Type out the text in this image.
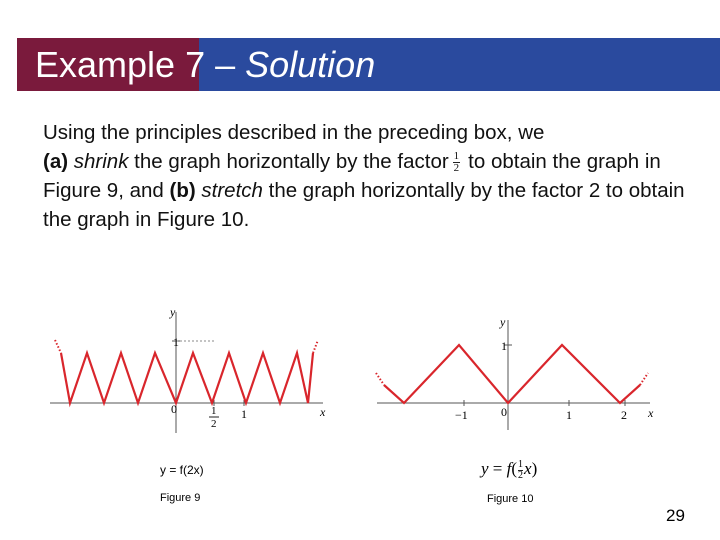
Example 7 – Solution
Using the principles described in the preceding box, we
(a) shrink the graph horizontally by the factor $\frac{1}{2}$ to obtain the graph in Figure 9, and (b) stretch the graph horizontally by the factor 2 to obtain the graph in Figure 10.
y
1
0	1
2
1	x
y = f(2x)
Figure 9
y
1
−1	0	1	2 x
$y = f( \frac{1}{2} x)$
Figure 10
29
